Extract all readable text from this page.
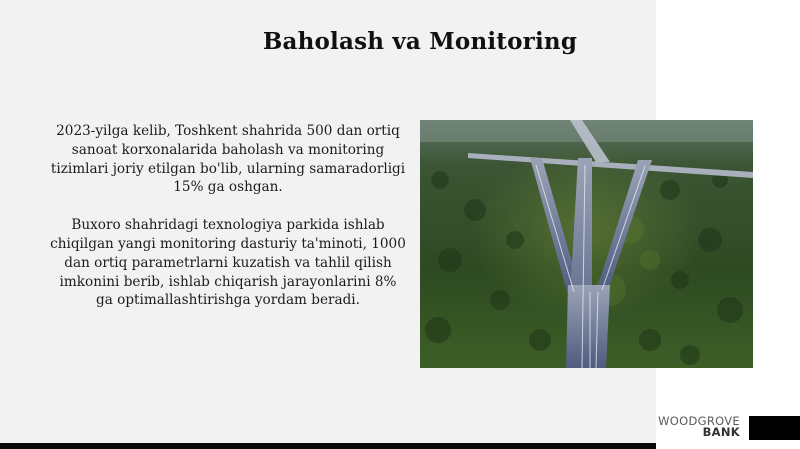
Baholash va Monitoring

2023-yilga kelib, Toshkent shahrida 500 dan ortiq sanoat korxonalarida baholash va monitoring tizimlari joriy etilgan bo'lib, ularning samaradorligi 15% ga oshgan.

Buxoro shahridagi texnologiya parkida ishlab chiqilgan yangi monitoring dasturiy ta'minoti, 1000 dan ortiq parametrlarni kuzatish va tahlil qilish imkonini berib, ishlab chiqarish jarayonlarini 8% ga optimallashtirishga yordam beradi.

WOODGROVE
BANK
